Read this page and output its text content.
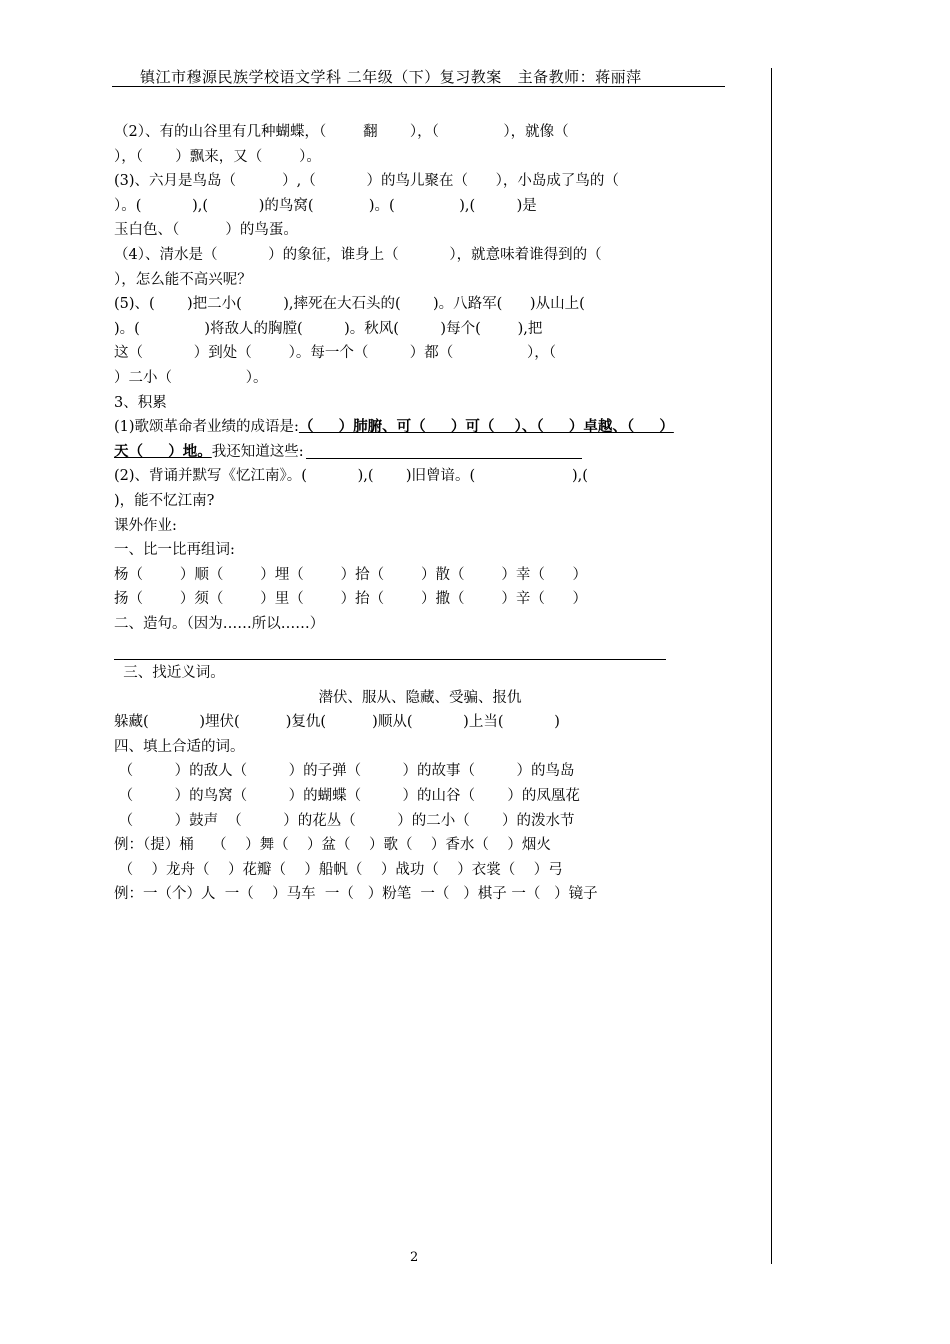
镇江市穆源民族学校语文学科 二年级（下）复习教案   主备教师：蒋丽萍
（2）、有的山谷里有几种蝴蝶，（        翻       ），（              ），就像（
），（       ）飘来，又（        ）。
(3)、六月是鸟岛（          ）,（           ）的鸟儿聚在（      ），小岛成了鸟的（
）。(           ),(           )的鸟窝(            )。(              ),(         )是
玉白色、（          ）的鸟蛋。
（4）、清水是（           ）的象征，谁身上（           ），就意味着谁得到的（
），怎么能不高兴呢？
(5)、(       )把二小(         ),摔死在大石头的(       )。八路军(      )从山上(
)。(              )将敌人的胸膛(         )。秋风(         )每个(        ),把
这（           ）到处（        ）。每一个（         ）都（                ），（
）二小（                ）。
3、积累
(1)歌颂革命者业绩的成语是:（     ）肺腑、可（     ）可（    ）、（     ）卓越、（     ）
天（     ）地。我还知道这些:
(2)、背诵并默写《忆江南》。(           ),(       )旧曾谙。(                     ),(
)，能不忆江南?
课外作业:
一、比一比再组词:
杨（        ）顺（        ）埋（        ）拾（        ）散（        ）幸（      ）
扬（        ）须（        ）里（        ）抬（        ）撒（        ）辛（      ）
二、造句。（因为……所以……）
三、找近义词。
潜伏、服从、隐藏、受骗、报仇
躲藏(           )埋伏(          )复仇(          )顺从(           )上当(           )
四、填上合适的词。
（         ）的敌人（         ）的子弹（         ）的故事（         ）的鸟岛
（         ）的鸟窝（         ）的蝴蝶（         ）的山谷（       ）的凤凰花
（         ）鼓声  （         ）的花丛（         ）的二小（       ）的泼水节
例：（提）桶    （    ）舞（    ）盆（    ）歌（    ）香水（    ）烟火
（    ）龙舟（    ）花瓣（    ）船帆（    ）战功（    ）衣裳（    ）弓
例：一（个）人  一（    ）马车  一（   ）粉笔  一（   ）棋子 一（   ）镜子
2
